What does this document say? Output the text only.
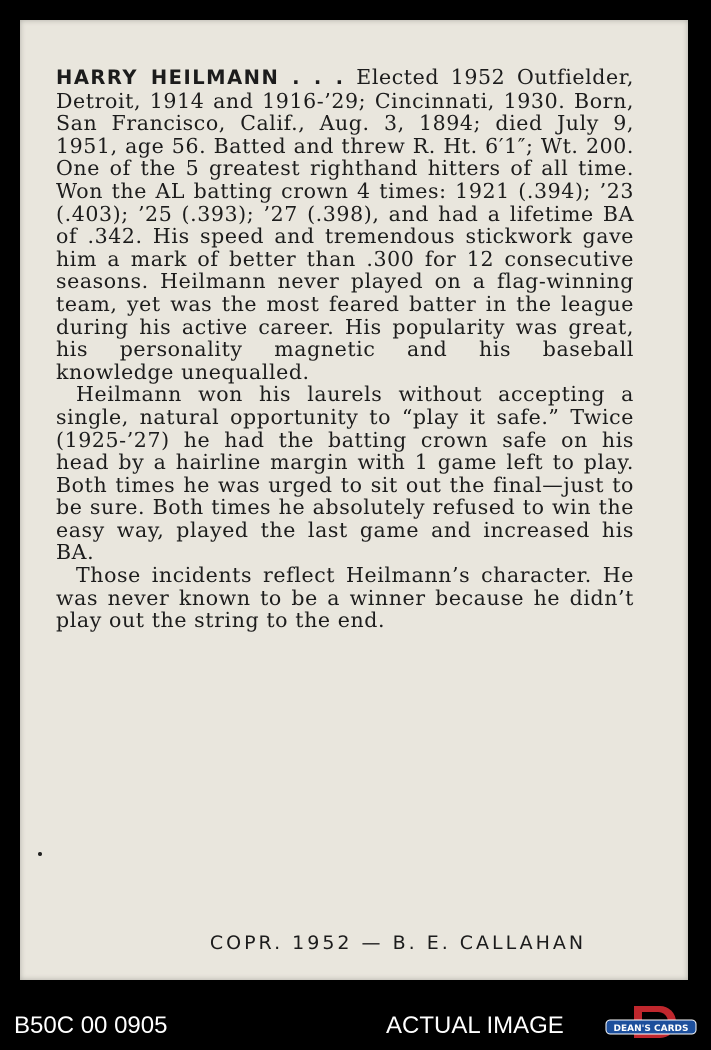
HARRY HEILMANN . . . Elected 1952 Outfielder, Detroit, 1914 and 1916-’​29; Cincinnati, 1930. Born, San Francisco, Calif., Aug. 3, 1894; died July 9, 1951, age 56. Batted and threw R. Ht. 6′1″; Wt. 200. One of the 5 greatest righthand hitters of all time. Won the AL batting crown 4 times: 1921 (.394); ’23 (.403); ’25 (.393); ’27 (.398), and had a lifetime BA of .342. His speed and tremendous stickwork gave him a mark of better than .300 for 12 consecutive seasons. Heilmann never played on a flag-winning team, yet was the most feared batter in the league during his active career. His popularity was great, his personality magnetic and his baseball knowledge unequalled.

Heilmann won his laurels without accepting a single, natural opportunity to “play it safe.” Twice (1925-’27) he had the batting crown safe on his head by a hairline margin with 1 game left to play. Both times he was urged to sit out the final—just to be sure. Both times he absolutely refused to win the easy way, played the last game and increased his BA.

Those incidents reflect Heilmann’s character. He was never known to be a winner because he didn’t play out the string to the end.

COPR. 1952 — B. E. CALLAHAN
B50C 00 0905	ACTUAL IMAGE	DEAN'S CARDS
